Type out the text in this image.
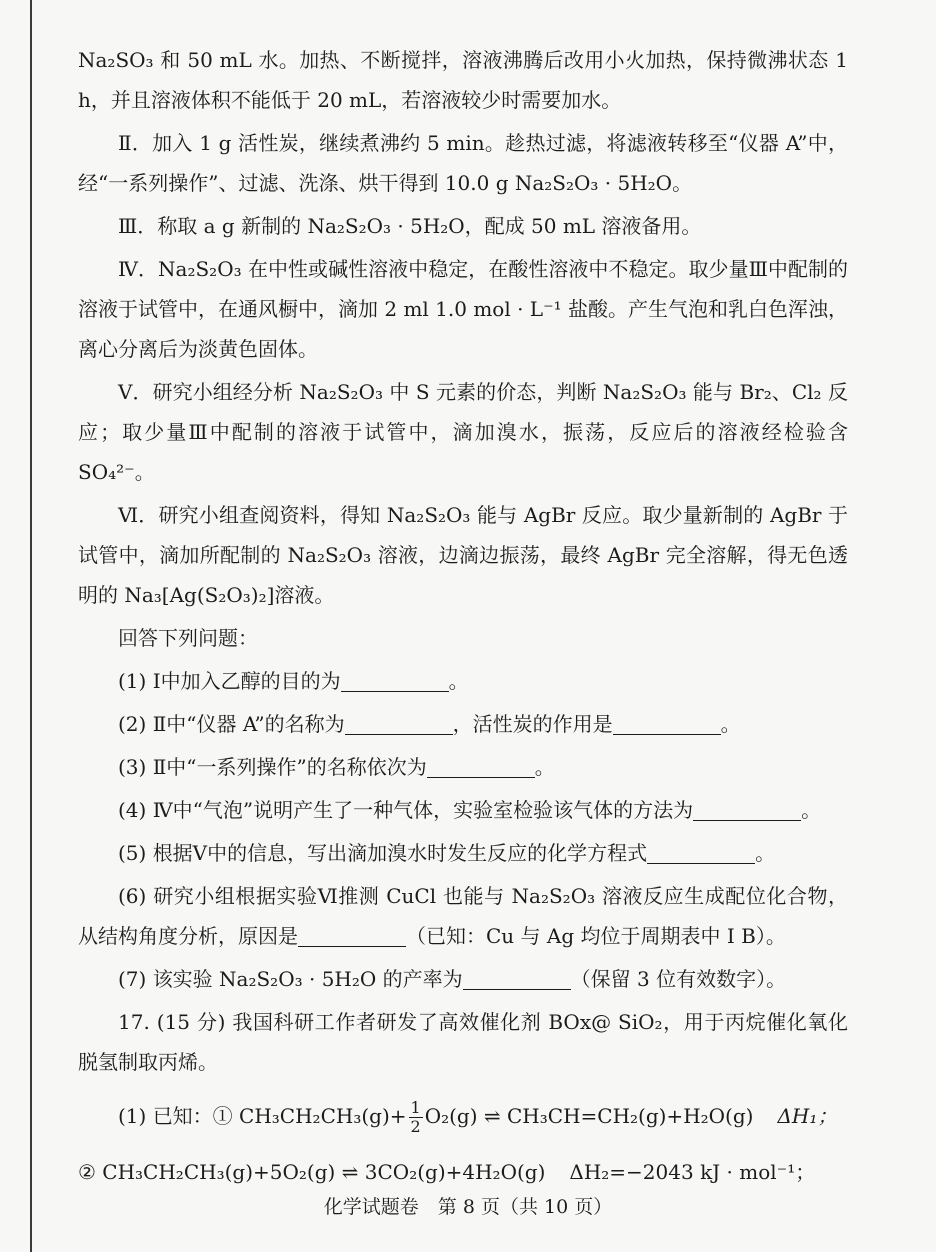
Na₂SO₃ 和 50 mL 水。加热、不断搅拌，溶液沸腾后改用小火加热，保持微沸状态 1 h，并且溶液体积不能低于 20 mL，若溶液较少时需要加水。

Ⅱ．加入 1 g 活性炭，继续煮沸约 5 min。趁热过滤，将滤液转移至“仪器 A”中，经“一系列操作”、过滤、洗涤、烘干得到 10.0 g Na₂S₂O₃ · 5H₂O。

Ⅲ．称取 a g 新制的 Na₂S₂O₃ · 5H₂O，配成 50 mL 溶液备用。

Ⅳ．Na₂S₂O₃ 在中性或碱性溶液中稳定，在酸性溶液中不稳定。取少量Ⅲ中配制的溶液于试管中，在通风橱中，滴加 2 ml 1.0 mol · L⁻¹ 盐酸。产生气泡和乳白色浑浊，离心分离后为淡黄色固体。

Ⅴ．研究小组经分析 Na₂S₂O₃ 中 S 元素的价态，判断 Na₂S₂O₃ 能与 Br₂、Cl₂ 反应；取少量Ⅲ中配制的溶液于试管中，滴加溴水，振荡，反应后的溶液经检验含 SO₄²⁻。

Ⅵ．研究小组查阅资料，得知 Na₂S₂O₃ 能与 AgBr 反应。取少量新制的 AgBr 于试管中，滴加所配制的 Na₂S₂O₃ 溶液，边滴边振荡，最终 AgBr 完全溶解，得无色透明的 Na₃[Ag(S₂O₃)₂]溶液。

回答下列问题：

(1) Ⅰ中加入乙醇的目的为	。

(2) Ⅱ中“仪器 A”的名称为	，活性炭的作用是	。

(3) Ⅱ中“一系列操作”的名称依次为	。

(4) Ⅳ中“气泡”说明产生了一种气体，实验室检验该气体的方法为	。

(5) 根据Ⅴ中的信息，写出滴加溴水时发生反应的化学方程式	。

(6) 研究小组根据实验Ⅵ推测 CuCl 也能与 Na₂S₂O₃ 溶液反应生成配位化合物，从结构角度分析，原因是	（已知：Cu 与 Ag 均位于周期表中 Ⅰ B）。

(7) 该实验 Na₂S₂O₃ · 5H₂O 的产率为	（保留 3 位有效数字）。

17. (15 分) 我国科研工作者研发了高效催化剂 BOx@ SiO₂，用于丙烷催化氧化脱氢制取丙烯。

(1) 已知：① $CH_3CH_2CH_3(g)+ \frac{1}{2} O_2(g)$ ⇌ CH₃CH=CH₂(g)+H₂O(g) ΔH₁；
② CH₃CH₂CH₃(g)+5O₂(g) ⇌ 3CO₂(g)+4H₂O(g) ΔH₂=−2043 kJ · mol⁻¹；
化学试题卷　第 8 页（共 10 页）
